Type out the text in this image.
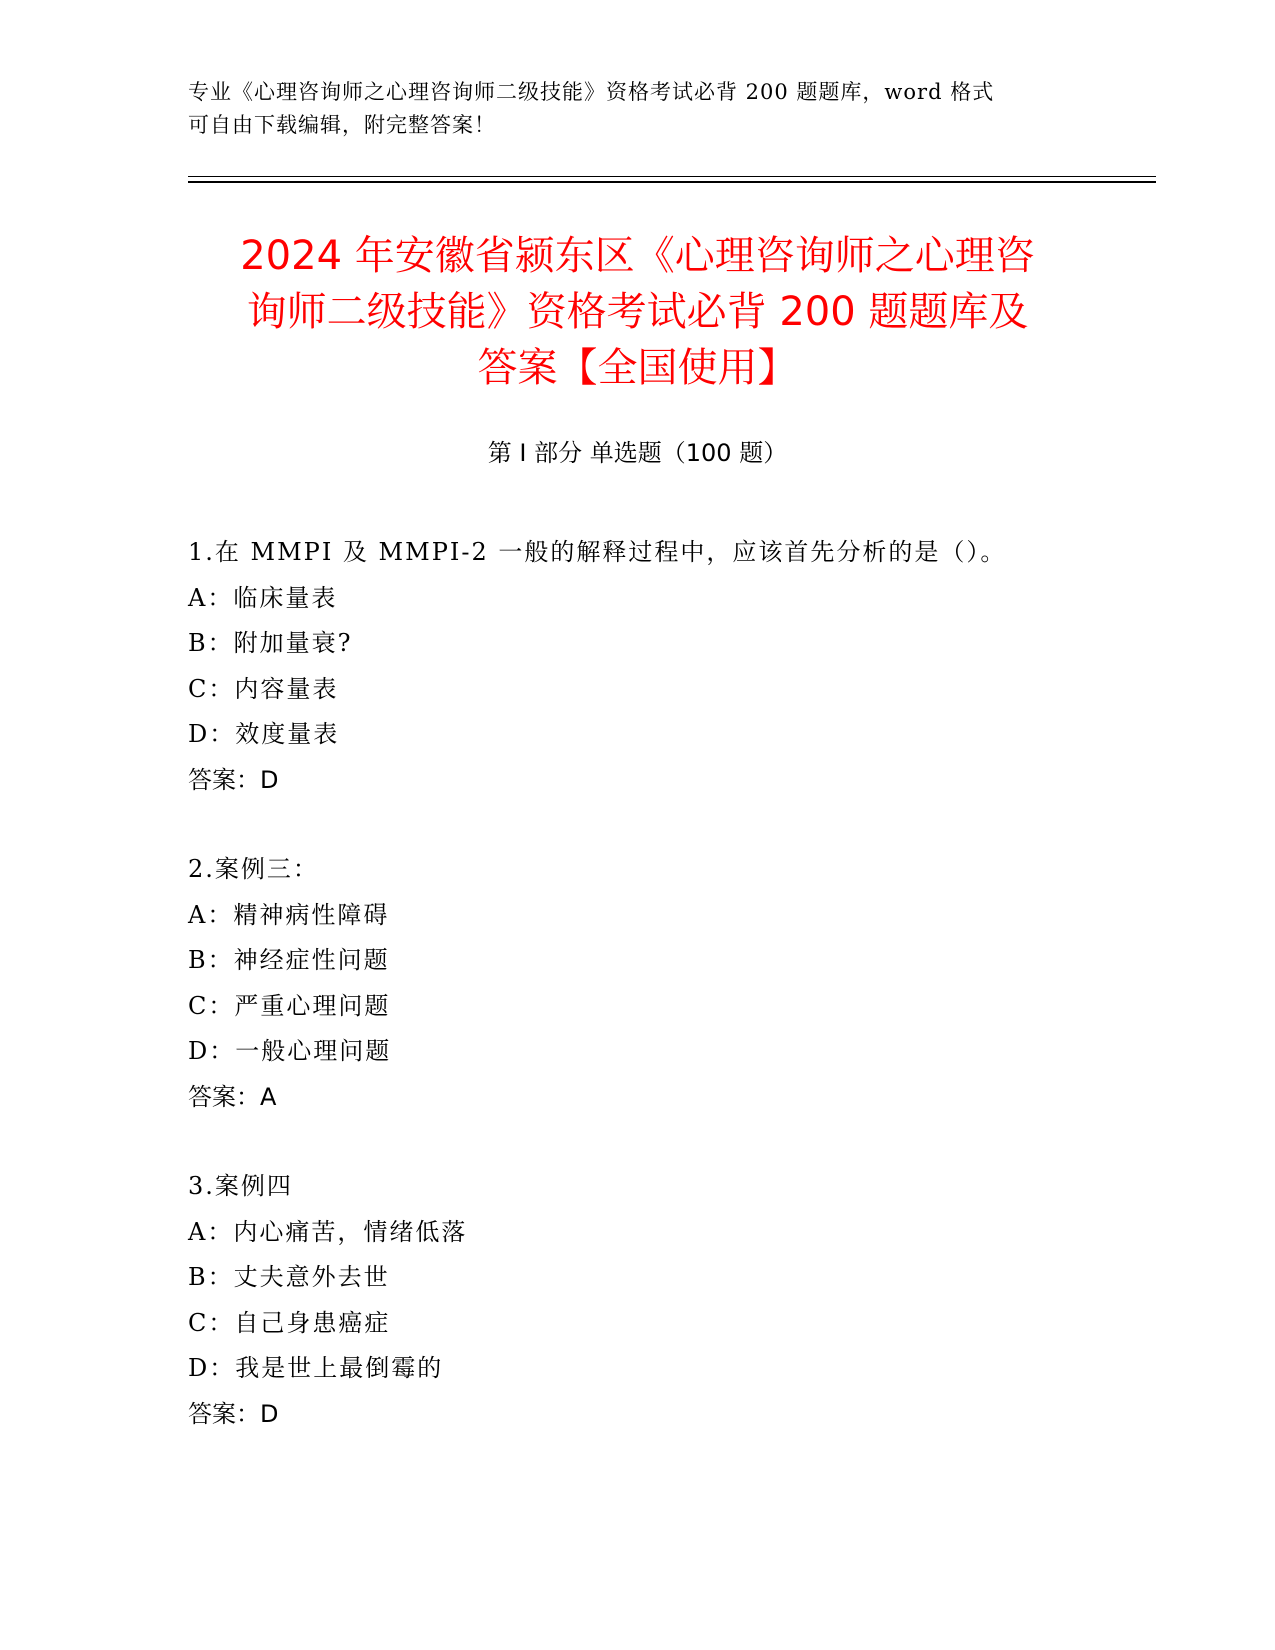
专业《心理咨询师之心理咨询师二级技能》资格考试必背 200 题题库，word 格式
可自由下载编辑，附完整答案！
2024 年安徽省颍东区《心理咨询师之心理咨
询师二级技能》资格考试必背 200 题题库及
答案【全国使用】
第 I 部分 单选题（100 题）
1.在 MMPI 及 MMPI-2 一般的解释过程中，应该首先分析的是（）。
A：临床量表
B：附加量衰?
C：内容量表
D：效度量表
答案：D
2.案例三：
A：精神病性障碍
B：神经症性问题
C：严重心理问题
D：一般心理问题
答案：A
3.案例四
A：内心痛苦，情绪低落
B：丈夫意外去世
C：自己身患癌症
D：我是世上最倒霉的
答案：D
